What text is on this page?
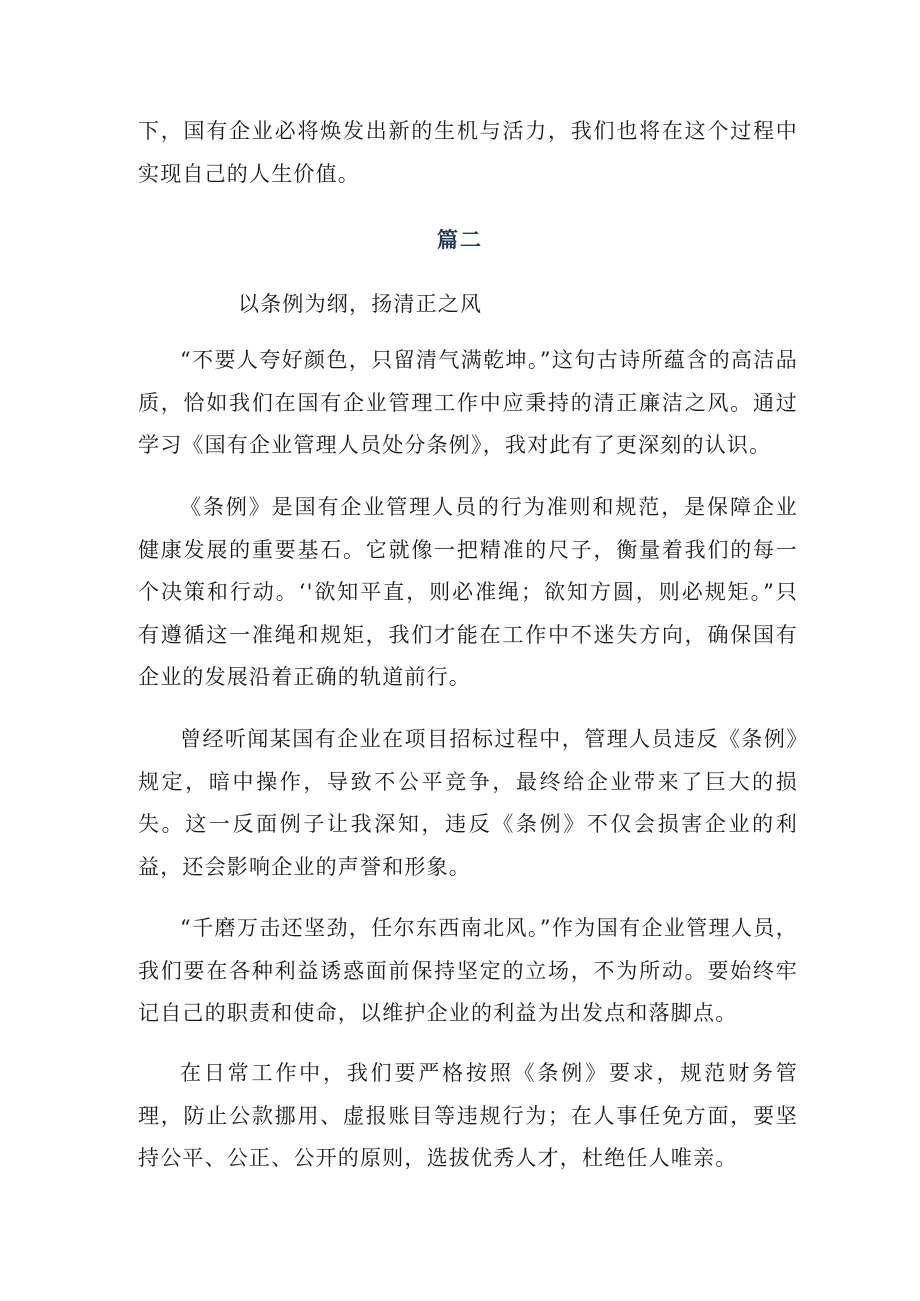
下，国有企业必将焕发出新的生机与活力，我们也将在这个过程中实现自己的人生价值。

篇二

以条例为纲，扬清正之风

“不要人夸好颜色，只留清气满乾坤。”这句古诗所蕴含的高洁品质，恰如我们在国有企业管理工作中应秉持的清正廉洁之风。通过学习《国有企业管理人员处分条例》，我对此有了更深刻的认识。

《条例》是国有企业管理人员的行为准则和规范，是保障企业健康发展的重要基石。它就像一把精准的尺子，衡量着我们的每一个决策和行动。‘'欲知平直，则必准绳；欲知方圆，则必规矩。”只有遵循这一准绳和规矩，我们才能在工作中不迷失方向，确保国有企业的发展沿着正确的轨道前行。

曾经听闻某国有企业在项目招标过程中，管理人员违反《条例》规定，暗中操作，导致不公平竞争，最终给企业带来了巨大的损失。这一反面例子让我深知，违反《条例》不仅会损害企业的利益，还会影响企业的声誉和形象。

“千磨万击还坚劲，任尔东西南北风。”作为国有企业管理人员，我们要在各种利益诱惑面前保持坚定的立场，不为所动。要始终牢记自己的职责和使命，以维护企业的利益为出发点和落脚点。

在日常工作中，我们要严格按照《条例》要求，规范财务管理，防止公款挪用、虚报账目等违规行为；在人事任免方面，要坚持公平、公正、公开的原则，选拔优秀人才，杜绝任人唯亲。
